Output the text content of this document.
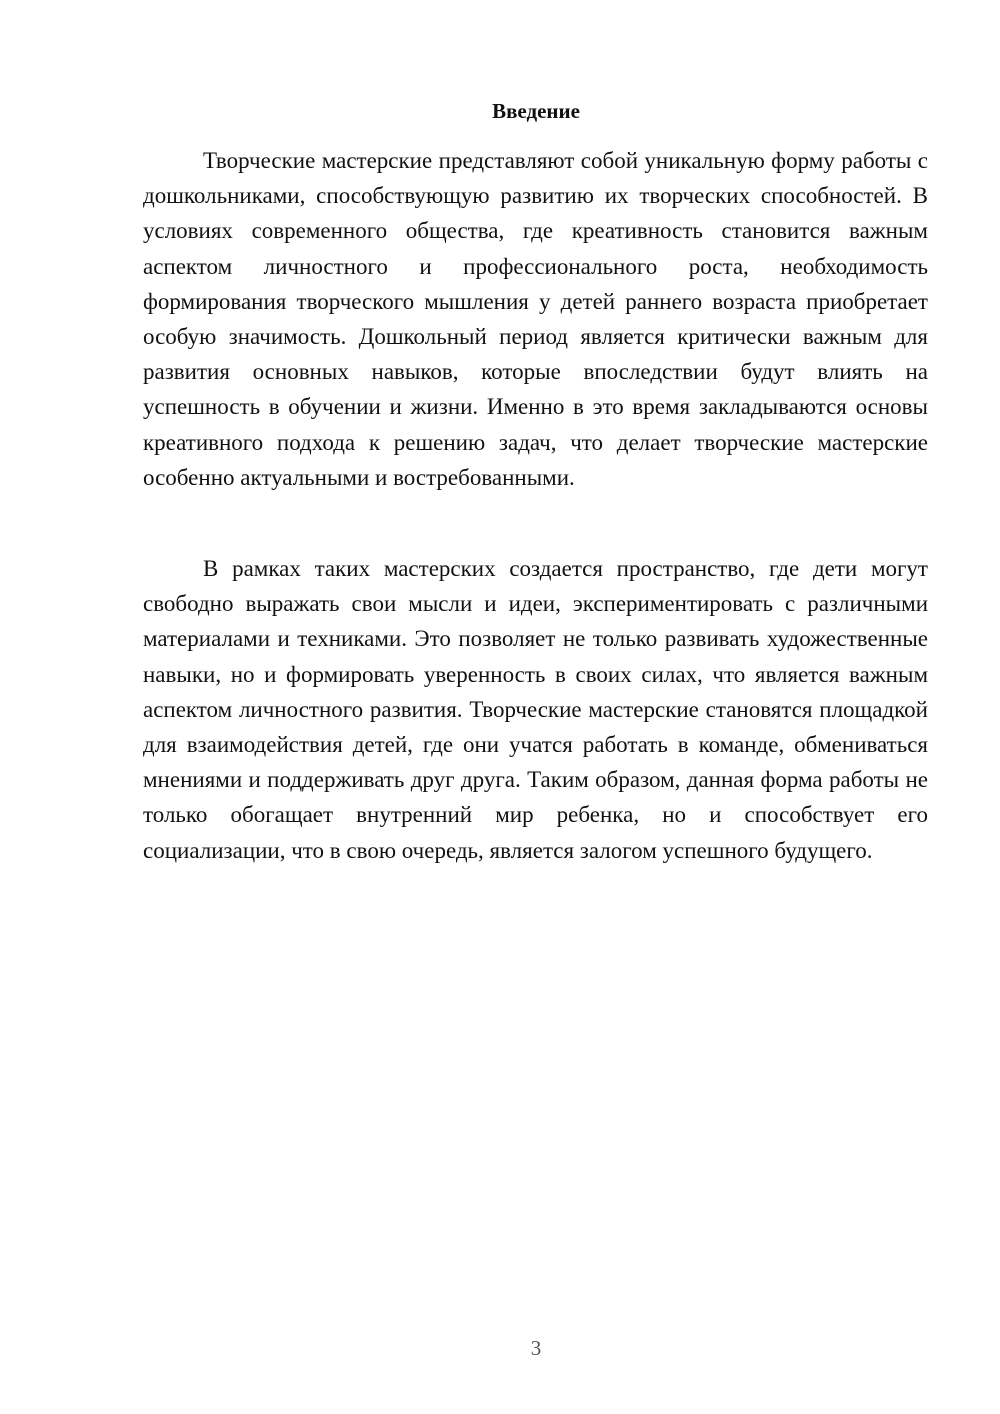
Введение

Творческие мастерские представляют собой уникальную форму работы с дошкольниками, способствующую развитию их творческих способностей. В условиях современного общества, где креативность становится важным аспектом личностного и профессионального роста, необходимость формирования творческого мышления у детей раннего возраста приобретает особую значимость. Дошкольный период является критически важным для развития основных навыков, которые впоследствии будут влиять на успешность в обучении и жизни. Именно в это время закладываются основы креативного подхода к решению задач, что делает творческие мастерские особенно актуальными и востребованными.

В рамках таких мастерских создается пространство, где дети могут свободно выражать свои мысли и идеи, экспериментировать с различными материалами и техниками. Это позволяет не только развивать художественные навыки, но и формировать уверенность в своих силах, что является важным аспектом личностного развития. Творческие мастерские становятся площадкой для взаимодействия детей, где они учатся работать в команде, обмениваться мнениями и поддерживать друг друга. Таким образом, данная форма работы не только обогащает внутренний мир ребенка, но и способствует его социализации, что в свою очередь, является залогом успешного будущего.

3
